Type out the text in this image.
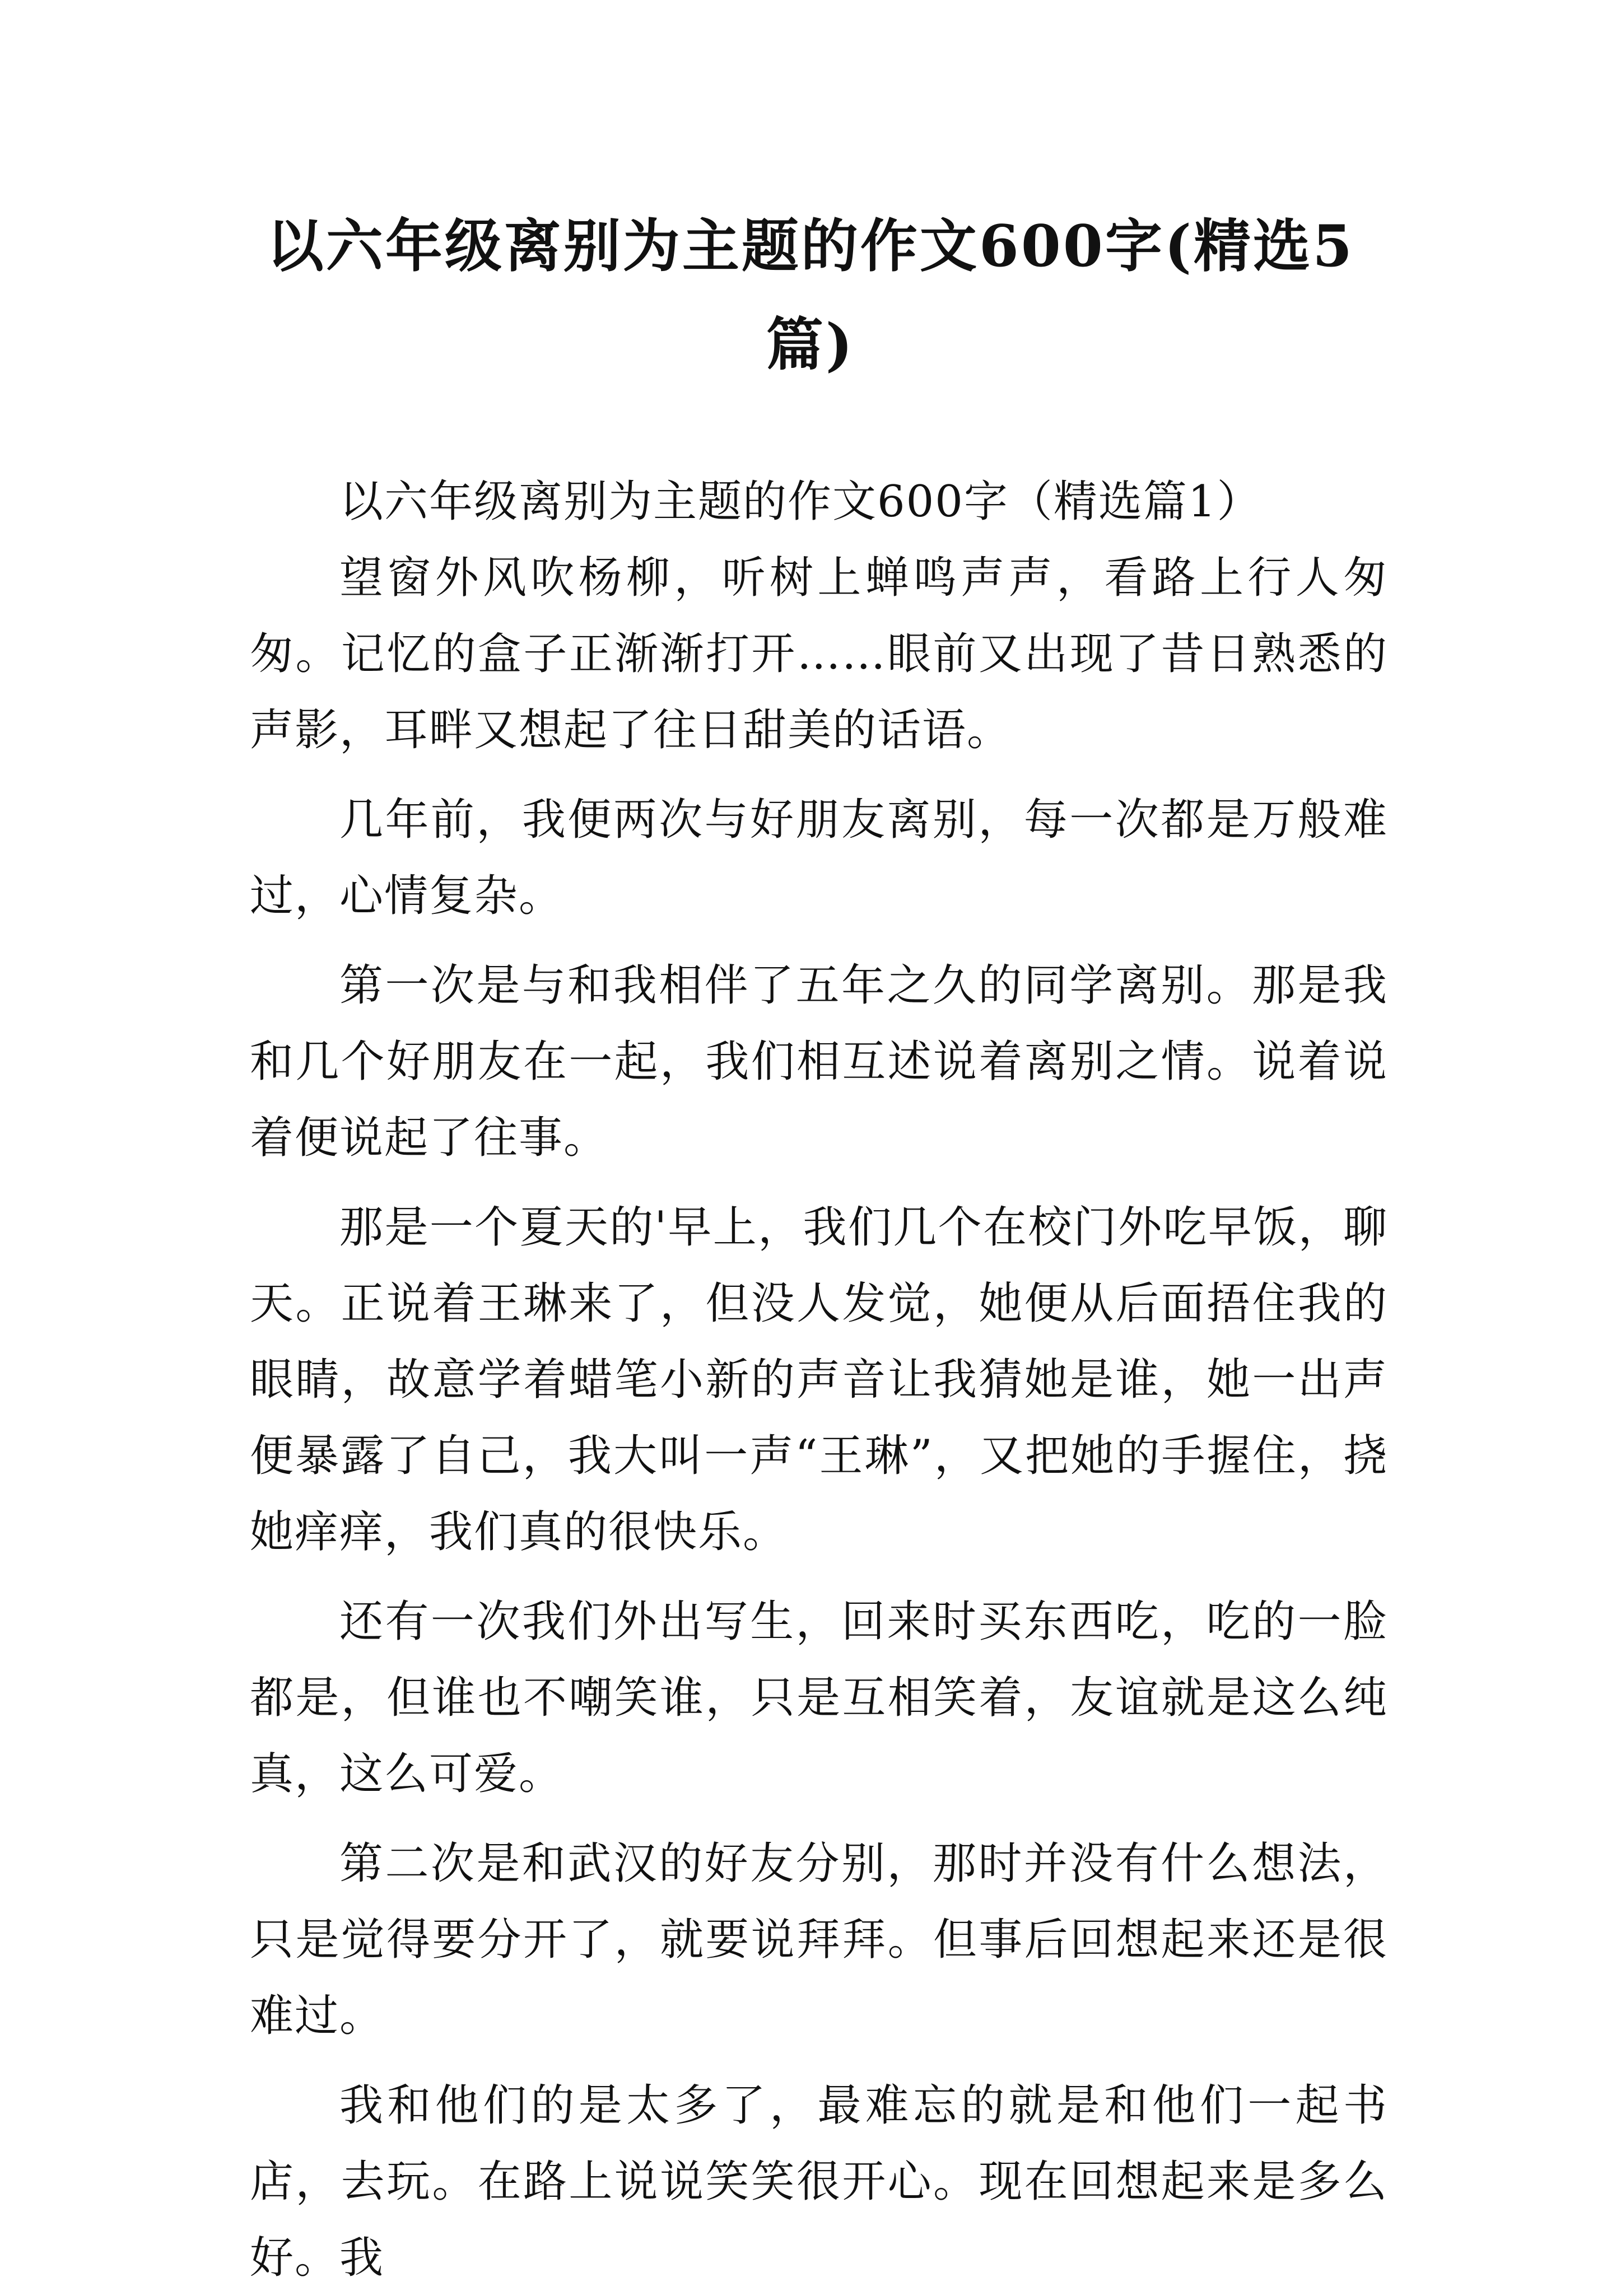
以六年级离别为主题的作文600字(精选5篇)

以六年级离别为主题的作文600字（精选篇1）

望窗外风吹杨柳，听树上蝉鸣声声，看路上行人匆匆。记忆的盒子正渐渐打开……眼前又出现了昔日熟悉的声影，耳畔又想起了往日甜美的话语。

几年前，我便两次与好朋友离别，每一次都是万般难过，心情复杂。

第一次是与和我相伴了五年之久的同学离别。那是我和几个好朋友在一起，我们相互述说着离别之情。说着说着便说起了往事。

那是一个夏天的'早上，我们几个在校门外吃早饭，聊天。正说着王琳来了，但没人发觉，她便从后面捂住我的眼睛，故意学着蜡笔小新的声音让我猜她是谁，她一出声便暴露了自己，我大叫一声“王琳”，又把她的手握住，挠她痒痒，我们真的很快乐。

还有一次我们外出写生，回来时买东西吃，吃的一脸都是，但谁也不嘲笑谁，只是互相笑着，友谊就是这么纯真，这么可爱。

第二次是和武汉的好友分别，那时并没有什么想法，只是觉得要分开了，就要说拜拜。但事后回想起来还是很难过。

我和他们的是太多了，最难忘的就是和他们一起书店，去玩。在路上说说笑笑很开心。现在回想起来是多么好。我
